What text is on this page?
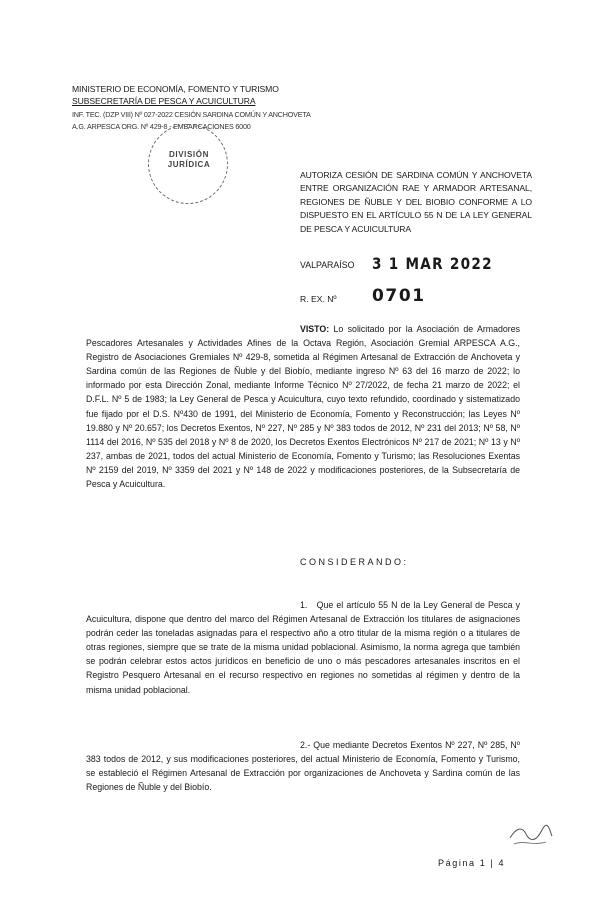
MINISTERIO DE ECONOMÍA, FOMENTO Y TURISMO
SUBSECRETARÍA DE PESCA Y ACUICULTURA
INF. TEC. (DZP VIII) Nº 027-2022 CESIÓN SARDINA COMÚN Y ANCHOVETA
A.G. ARPESCA ORG. Nº 429-8 - EMBARCACIONES 6000
DIVISIÓN
JURÍDICA
AUTORIZA CESIÓN DE SARDINA COMÚN Y ANCHOVETA ENTRE ORGANIZACIÓN RAE Y ARMADOR ARTESANAL, REGIONES DE ÑUBLE Y DEL BIOBIO CONFORME A LO DISPUESTO EN EL ARTÍCULO 55 N DE LA LEY GENERAL DE PESCA Y ACUICULTURA
VALPARAÍSO 3 1 MAR 2022
R. EX. Nº 0701
VISTO: Lo solicitado por la Asociación de Armadores Pescadores Artesanales y Actividades Afines de la Octava Región, Asociación Gremial ARPESCA A.G., Registro de Asociaciones Gremiales Nº 429-8, sometida al Régimen Artesanal de Extracción de Anchoveta y Sardina común de las Regiones de Ñuble y del Biobío, mediante ingreso Nº 63 del 16 marzo de 2022; lo informado por esta Dirección Zonal, mediante Informe Técnico Nº 27/2022, de fecha 21 marzo de 2022; el D.F.L. Nº 5 de 1983; la Ley General de Pesca y Acuicultura, cuyo texto refundido, coordinado y sistematizado fue fijado por el D.S. Nº430 de 1991, del Ministerio de Economía, Fomento y Reconstrucción; las Leyes Nº 19.880 y Nº 20.657; los Decretos Exentos, Nº 227, Nº 285 y Nº 383 todos de 2012, Nº 231 del 2013; Nº 58, Nº 1114 del 2016, Nº 535 del 2018 y Nº 8 de 2020, los Decretos Exentos Electrónicos Nº 217 de 2021; Nº 13 y Nº 237, ambas de 2021, todos del actual Ministerio de Economía, Fomento y Turismo; las Resoluciones Exentas Nº 2159 del 2019, Nº 3359 del 2021 y Nº 148 de 2022 y modificaciones posteriores, de la Subsecretaría de Pesca y Acuicultura.
CONSIDERANDO:
1. Que el artículo 55 N de la Ley General de Pesca y Acuicultura, dispone que dentro del marco del Régimen Artesanal de Extracción los titulares de asignaciones podrán ceder las toneladas asignadas para el respectivo año a otro titular de la misma región o a titulares de otras regiones, siempre que se trate de la misma unidad poblacional. Asimismo, la norma agrega que también se podrán celebrar estos actos jurídicos en beneficio de uno o más pescadores artesanales inscritos en el Registro Pesquero Artesanal en el recurso respectivo en regiones no sometidas al régimen y dentro de la misma unidad poblacional.
2.- Que mediante Decretos Exentos Nº 227, Nº 285, Nº 383 todos de 2012, y sus modificaciones posteriores, del actual Ministerio de Economía, Fomento y Turismo, se estableció el Régimen Artesanal de Extracción por organizaciones de Anchoveta y Sardina común de las Regiones de Ñuble y del Biobío.
Página 1 | 4
